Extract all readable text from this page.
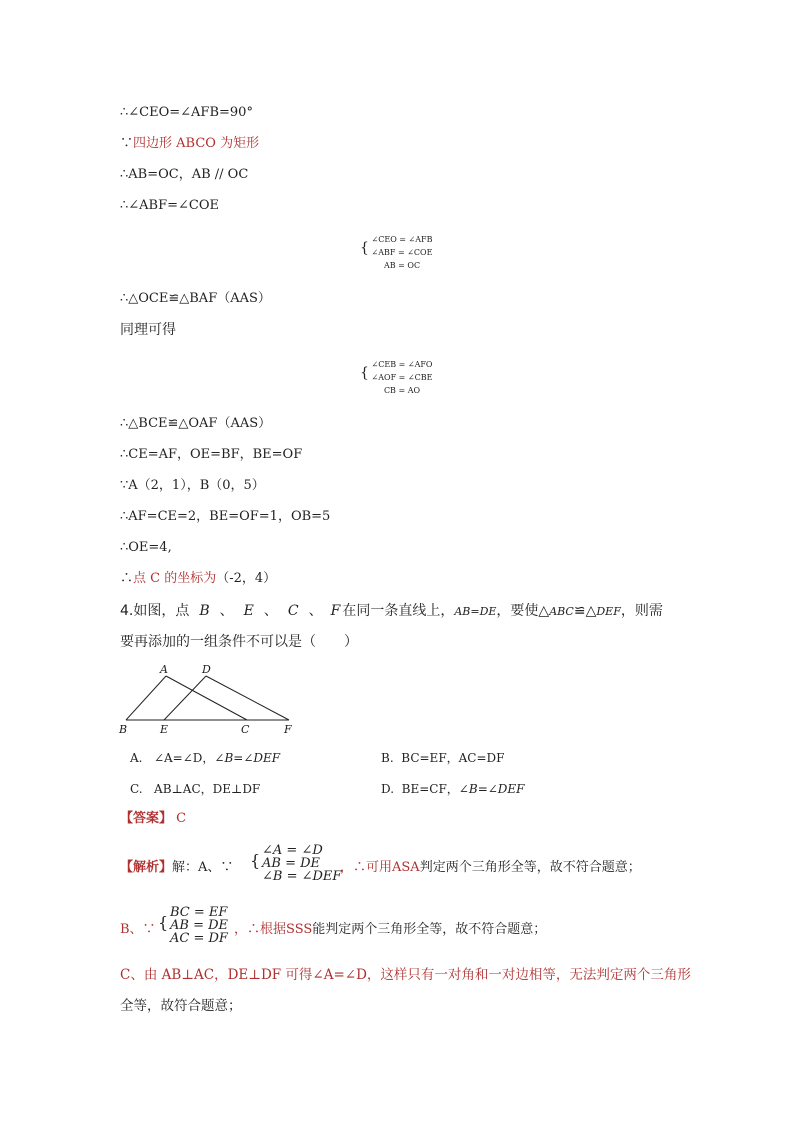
∴∠CEO=∠AFB=90°
∵四边形 ABCO 为矩形
∴AB=OC，AB // OC
∴∠ABF=∠COE
{
∠CEO = ∠AFB
∠ABF = ∠COE
AB = OC
∴△OCE≌△BAF（AAS）
同理可得
{
∠CEB = ∠AFO
∠AOF = ∠CBE
CB = AO
∴△BCE≌△OAF（AAS）
∴CE=AF，OE=BF，BE=OF
∵A（2，1），B（0，5）
∴AF=CE=2，BE=OF=1，OB=5
∴OE=4,
∴点 C 的坐标为（-2，4）
4.如图，点 B 、 E 、 C 、 F 在同一条直线上，AB=DE，要使△ABC≌△DEF，则需
要再添加的一组条件不可以是（　　）
A	D
B	E	C	F
A. ∠A=∠D，∠B=∠DEF	B. BC=EF，AC=DF
C. AB⊥AC，DE⊥DF	D. BE=CF，∠B=∠DEF
【答案】 C
【解析】解：A、∵ {
∠A = ∠D
AB = DE
∠B = ∠DEF
，∴可用ASA判定两个三角形全等，故不符合题意；
B、∵ {
BC = EF
AB = DE
AC = DF
，∴根据SSS能判定两个三角形全等，故不符合题意；
C、由 AB⊥AC，DE⊥DF 可得∠A=∠D，这样只有一对角和一对边相等，无法判定两个三角形
全等，故符合题意；
